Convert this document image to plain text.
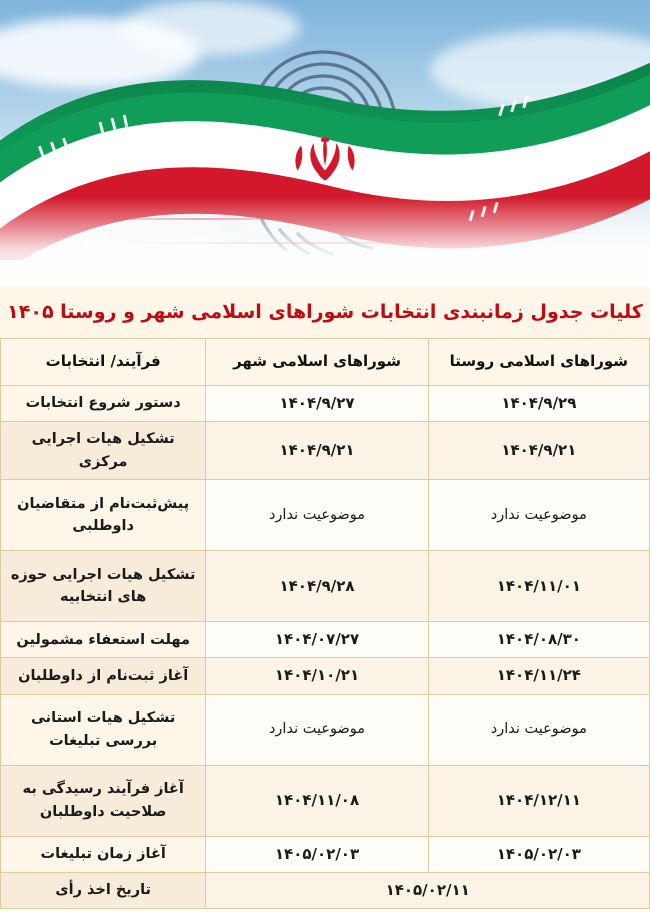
کلیات جدول زمانبندی انتخابات شوراهای اسلامی شهر و روستا ۱۴۰۵
شوراهای اسلامی روستا	شوراهای اسلامی شهر	فرآیند/ انتخابات
۱۴۰۴/۹/۲۹	۱۴۰۴/۹/۲۷	دستور شروع انتخابات
۱۴۰۴/۹/۲۱	۱۴۰۴/۹/۲۱	تشکیل هیات اجرایی مرکزی
موضوعیت ندارد	موضوعیت ندارد	پیش‌ثبت‌نام از متقاضیان داوطلبی
۱۴۰۴/۱۱/۰۱	۱۴۰۴/۹/۲۸	تشکیل هیات اجرایی حوزه های انتخابیه
۱۴۰۴/۰۸/۳۰	۱۴۰۴/۰۷/۲۷	مهلت استعفاء مشمولین
۱۴۰۴/۱۱/۲۴	۱۴۰۴/۱۰/۲۱	آغاز ثبت‌نام از داوطلبان
موضوعیت ندارد	موضوعیت ندارد	تشکیل هیات استانی بررسی تبلیغات
۱۴۰۴/۱۲/۱۱	۱۴۰۴/۱۱/۰۸	آغاز فرآیند رسیدگی به صلاحیت داوطلبان
۱۴۰۵/۰۲/۰۳	۱۴۰۵/۰۲/۰۳	آغاز زمان تبلیغات
۱۴۰۵/۰۲/۱۱		تاریخ اخذ رأی
